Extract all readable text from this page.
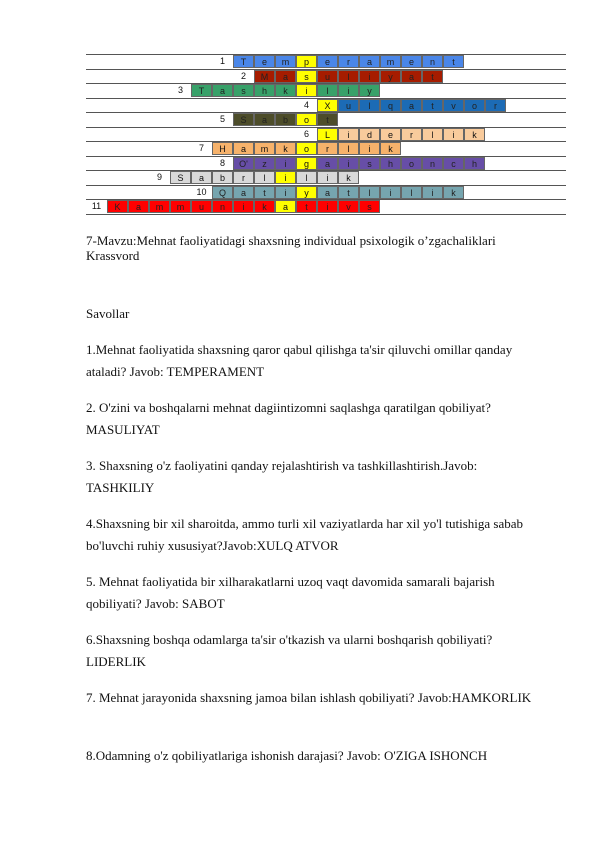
1	T	e	m	p	e	r	a	m	e	n	t
2	M	a	s	u	l	i	y	a	t
3	T	a	s	h	k	i	l	i	y
4	X	u	l	q	a	t	v	o	r
5	S	a	b	o	t
6	L	i	d	e	r	l	i	k
7	H	a	m	k	o	r	l	i	k
8	O'	z	i	g	a	i	s	h	o	n	c	h
9	S	a	b	r	l	i	l	i	k
10	Q	a	t	i	y	a	t	l	i	l	i	k
11	K	a	m	m	u	n	i	k	a	t	i	v	s
7-Mavzu:Mehnat faoliyatidagi shaxsning individual psixologik o’zgachaliklari
Krassvord
Savollar
1.Mehnat faoliyatida shaxsning qaror qabul qilishga ta'sir qiluvchi omillar qanday ataladi? Javob: TEMPERAMENT
2. O'zini va boshqalarni mehnat dagiintizomni saqlashga qaratilgan qobiliyat? MASULIYAT
3. Shaxsning o'z faoliyatini qanday rejalashtirish va tashkillashtirish.Javob: TASHKILIY
4.Shaxsning bir xil sharoitda, ammo turli xil vaziyatlarda har xil yo'l tutishiga sabab bo'luvchi ruhiy xususiyat?Javob:XULQ ATVOR
5. Mehnat faoliyatida bir xilharakatlarni uzoq vaqt davomida samarali bajarish qobiliyati? Javob: SABOT
6.Shaxsning boshqa odamlarga ta'sir o'tkazish va ularni boshqarish qobiliyati? LIDERLIK
7. Mehnat jarayonida shaxsning jamoa bilan ishlash qobiliyati? Javob:HAMKORLIK
8.Odamning o'z qobiliyatlariga ishonish darajasi? Javob: O'ZIGA ISHONCH
